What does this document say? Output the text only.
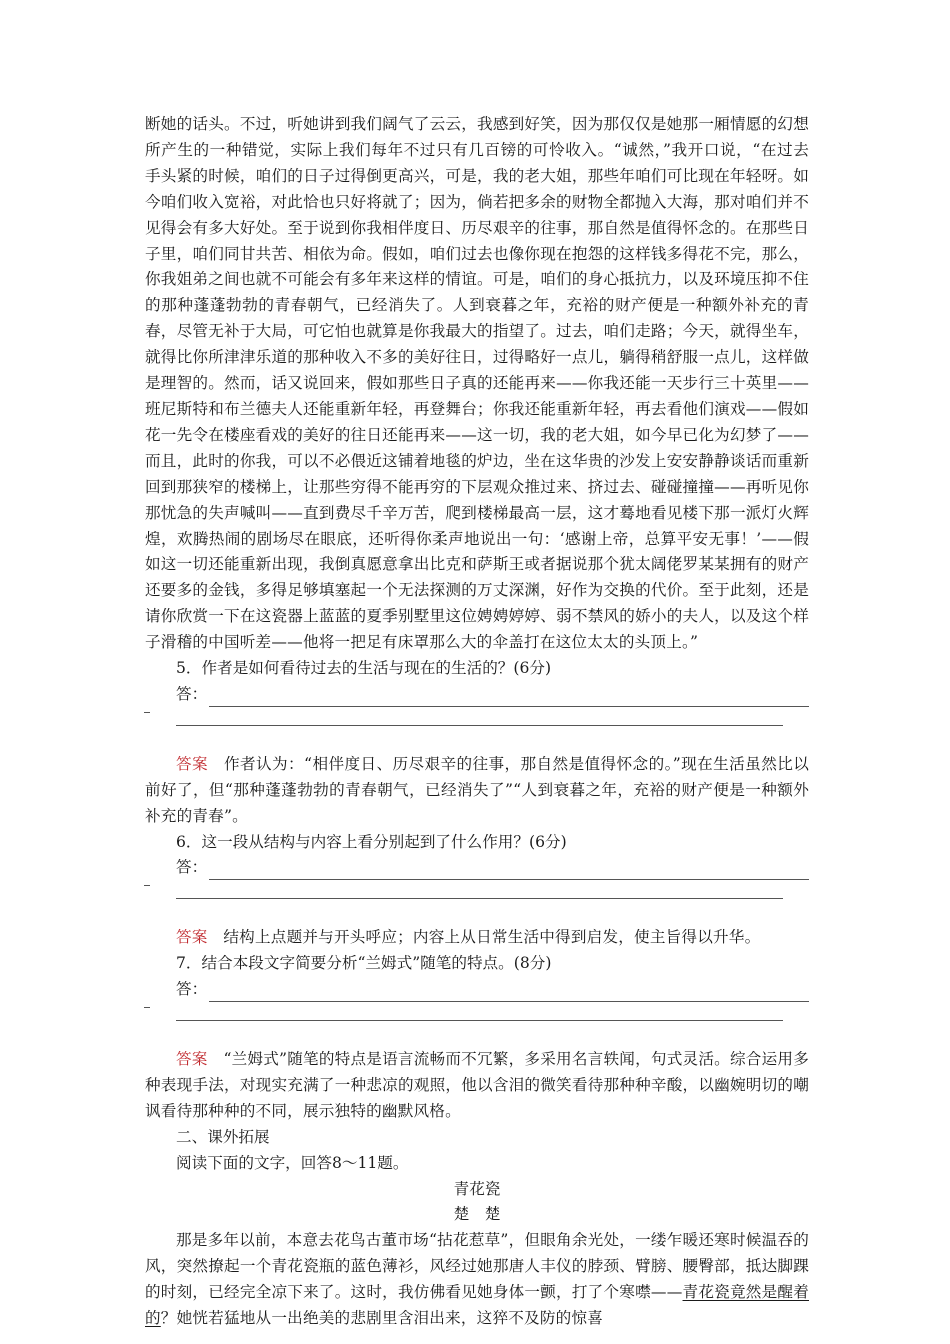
断她的话头。不过，听她讲到我们阔气了云云，我感到好笑，因为那仅仅是她那一厢情愿的幻想所产生的一种错觉，实际上我们每年不过只有几百镑的可怜收入。“诚然，”我开口说，“在过去手头紧的时候，咱们的日子过得倒更高兴，可是，我的老大姐，那些年咱们可比现在年轻呀。如今咱们收入宽裕，对此恰也只好将就了；因为，倘若把多余的财物全都抛入大海，那对咱们并不见得会有多大好处。至于说到你我相伴度日、历尽艰辛的往事，那自然是值得怀念的。在那些日子里，咱们同甘共苦、相依为命。假如，咱们过去也像你现在抱怨的这样钱多得花不完，那么，你我姐弟之间也就不可能会有多年来这样的情谊。可是，咱们的身心抵抗力，以及环境压抑不住的那种蓬蓬勃勃的青春朝气，已经消失了。人到衰暮之年，充裕的财产便是一种额外补充的青春，尽管无补于大局，可它怕也就算是你我最大的指望了。过去，咱们走路；今天，就得坐车，就得比你所津津乐道的那种收入不多的美好往日，过得略好一点儿，躺得稍舒服一点儿，这样做是理智的。然而，话又说回来，假如那些日子真的还能再来——你我还能一天步行三十英里——班尼斯特和布兰德夫人还能重新年轻，再登舞台；你我还能重新年轻，再去看他们演戏——假如花一先令在楼座看戏的美好的往日还能再来——这一切，我的老大姐，如今早已化为幻梦了——而且，此时的你我，可以不必偎近这铺着地毯的炉边，坐在这华贵的沙发上安安静静谈话而重新回到那狭窄的楼梯上，让那些穷得不能再穷的下层观众推过来、挤过去、碰碰撞撞——再听见你那忧急的失声喊叫——直到费尽千辛万苦，爬到楼梯最高一层，这才蓦地看见楼下那一派灯火辉煌，欢腾热闹的剧场尽在眼底，还听得你柔声地说出一句：‘感谢上帝，总算平安无事！’——假如这一切还能重新出现，我倒真愿意拿出比克和萨斯王或者据说那个犹太阔佬罗某某拥有的财产还要多的金钱，多得足够填塞起一个无法探测的万丈深渊，好作为交换的代价。至于此刻，还是请你欣赏一下在这瓷器上蓝蓝的夏季别墅里这位娉娉婷婷、弱不禁风的娇小的夫人，以及这个样子滑稽的中国听差——他将一把足有床罩那么大的伞盖打在这位太太的头顶上。”

5．作者是如何看待过去的生活与现在的生活的？(6分)

答：

答案　 作者认为：“相伴度日、历尽艰辛的往事，那自然是值得怀念的。”现在生活虽然比以前好了，但“那种蓬蓬勃勃的青春朝气，已经消失了”“人到衰暮之年，充裕的财产便是一种额外补充的青春”。

6．这一段从结构与内容上看分别起到了什么作用？(6分)

答：

答案　 结构上点题并与开头呼应；内容上从日常生活中得到启发，使主旨得以升华。

7．结合本段文字简要分析“兰姆式”随笔的特点。(8分)

答：

答案　 “兰姆式”随笔的特点是语言流畅而不冗繁，多采用名言轶闻，句式灵活。综合运用多种表现手法，对现实充满了一种悲凉的观照，他以含泪的微笑看待那种种辛酸，以幽婉明切的嘲讽看待那种种的不同，展示独特的幽默风格。

二、课外拓展

阅读下面的文字，回答8～11题。

青花瓷

楚　楚

那是多年以前，本意去花鸟古董市场“拈花惹草”，但眼角余光处，一缕乍暖还寒时候温吞的风，突然撩起一个青花瓷瓶的蓝色薄衫，风经过她那唐人丰仪的脖颈、臂膀、腰臀部，抵达脚踝的时刻，已经完全凉下来了。这时，我仿佛看见她身体一颤，打了个寒噤——青花瓷竟然是醒着的？她恍若猛地从一出绝美的悲剧里含泪出来，这猝不及防的惊喜
